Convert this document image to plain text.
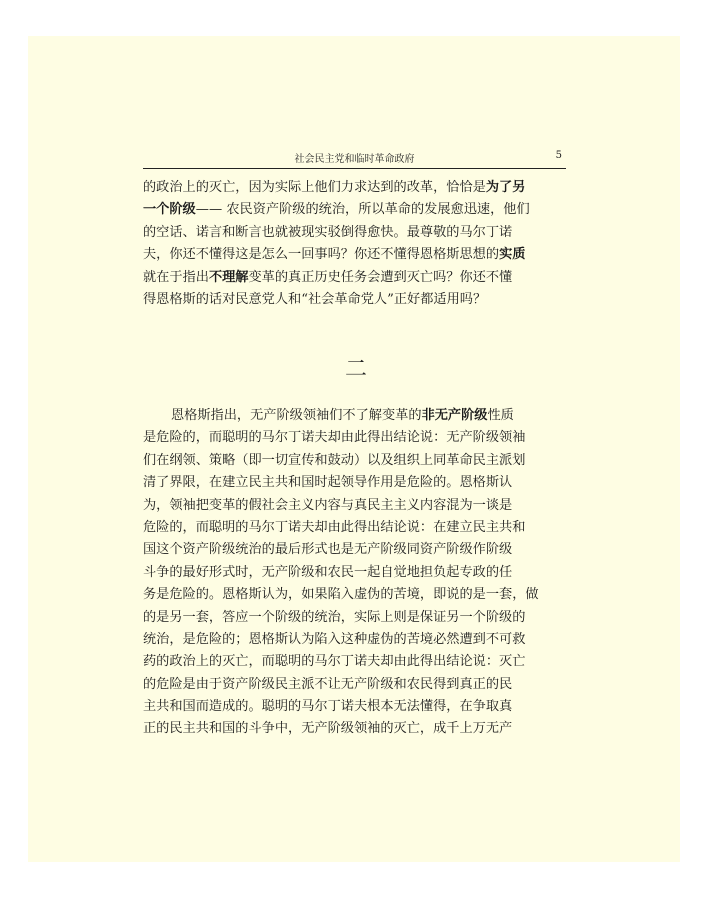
社会民主党和临时革命政府	5
的政治上的灭亡，因为实际上他们力求达到的改革，恰恰是为了另
一个阶级—— 农民资产阶级的统治，所以革命的发展愈迅速，他们
的空话、诺言和断言也就被现实驳倒得愈快。最尊敬的马尔丁诺
夫，你还不懂得这是怎么一回事吗？你还不懂得恩格斯思想的实质
就在于指出不理解变革的真正历史任务会遭到灭亡吗？你还不懂
得恩格斯的话对民意党人和“社会革命党人”正好都适用吗？
二
恩格斯指出，无产阶级领袖们不了解变革的非无产阶级性质
是危险的，而聪明的马尔丁诺夫却由此得出结论说：无产阶级领袖
们在纲领、策略（即一切宣传和鼓动）以及组织上同革命民主派划
清了界限，在建立民主共和国时起领导作用是危险的。恩格斯认
为，领袖把变革的假社会主义内容与真民主主义内容混为一谈是
危险的，而聪明的马尔丁诺夫却由此得出结论说：在建立民主共和
国这个资产阶级统治的最后形式也是无产阶级同资产阶级作阶级
斗争的最好形式时，无产阶级和农民一起自觉地担负起专政的任
务是危险的。恩格斯认为，如果陷入虚伪的苦境，即说的是一套，做
的是另一套，答应一个阶级的统治，实际上则是保证另一个阶级的
统治，是危险的；恩格斯认为陷入这种虚伪的苦境必然遭到不可救
药的政治上的灭亡，而聪明的马尔丁诺夫却由此得出结论说：灭亡
的危险是由于资产阶级民主派不让无产阶级和农民得到真正的民
主共和国而造成的。聪明的马尔丁诺夫根本无法懂得，在争取真
正的民主共和国的斗争中，无产阶级领袖的灭亡，成千上万无产
